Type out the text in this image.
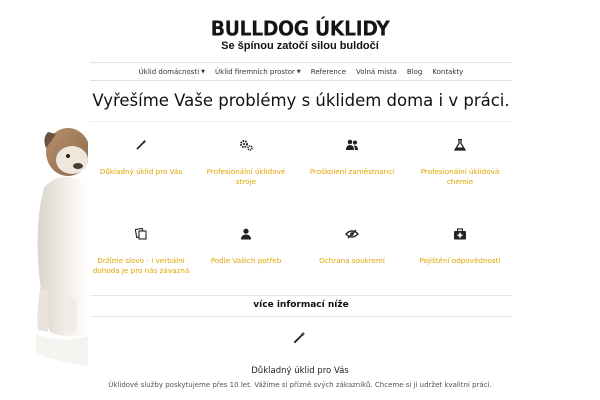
BULLDOG ÚKLIDY
Se špínou zatočí silou buldočí
Úklid domácnosti ▼	Úklid firemních prostor ▼	Reference	Volná místa	Blog	Kontakty
Vyřešíme Vaše problémy s úklidem doma i v práci.
Důkladný úklid pro Vás	Profesionální úklidové stroje
Proškolení zaměstnanci	Profesionální úklidová chemie
Držíme slovo - i verbální dohoda je pro nás závazná
Podle Vašich potřeb	Ochrana soukromí	Pojištění odpovědnosti
více informací níže
Důkladný úklid pro Vás
Úklidové služby poskytujeme přes 10 let. Vážíme si přízně svých zákazníků. Chceme si ji udržet kvalitní prácí.
